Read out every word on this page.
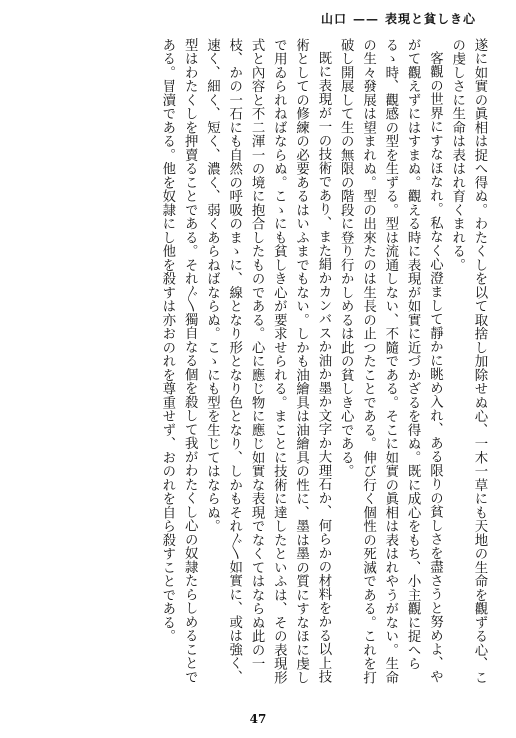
表現と貧しき心——山口

遂に如實の眞相は捉へ得ぬ。わたくしを以て取捨し加除せぬ心、一木一草にも天地の生命を觀ずる心、この虔しさに生命は表はれ育くまれる。

客觀の世界にすなほなれ。私なく心澄まして靜かに眺め入れ、ある限りの貧しさを盡さうと努めよ、やがて觀えずにはすまぬ。觀える時に表現が如實に近づかざるを得ぬ。既に成心をもち、小主觀に捉へらるゝ時、觀感の型を生ずる。型は流通しない、不隨である。そこに如實の眞相は表はれやうがない。生命の生々發展は望まれぬ。型の出來たのは生長の止つたことである。伸び行く個性の死滅である。これを打破し開展して生の無限の階段に登り行かしめるは此の貧しき心である。

既に表現が一の技術であり、また絹かカンバスか油か墨か文字か大理石か、何らかの材料をかる以上技術としての修練の必要あるはいふまでもない。しかも油繪具は油繪具の性に、墨は墨の質にすなほに虔しで用ゐられねばならぬ。こゝにも貧しき心が要求せられる。まことに技術に達したといふは、その表現形式と內容と不二渾一の境に抱合したものである。心に應じ物に應じ如實な表現でなくてはならぬ此の一枝、かの一石にも自然の呼吸のまゝに、線となり形となり色となり、しかもそれ〴〵如實に、或は強く、速く、細く、短く、濃く、弱くあらねばならぬ。こゝにも型を生じてはならぬ。

型はわたくしを押賣ることである。それ〴〵獨自なる個を殺して我がわたくし心の奴隷たらしめることである。冒瀆である。他を奴隷にし他を殺すは亦おのれを尊重せず、おのれを自ら殺すことである。

47
